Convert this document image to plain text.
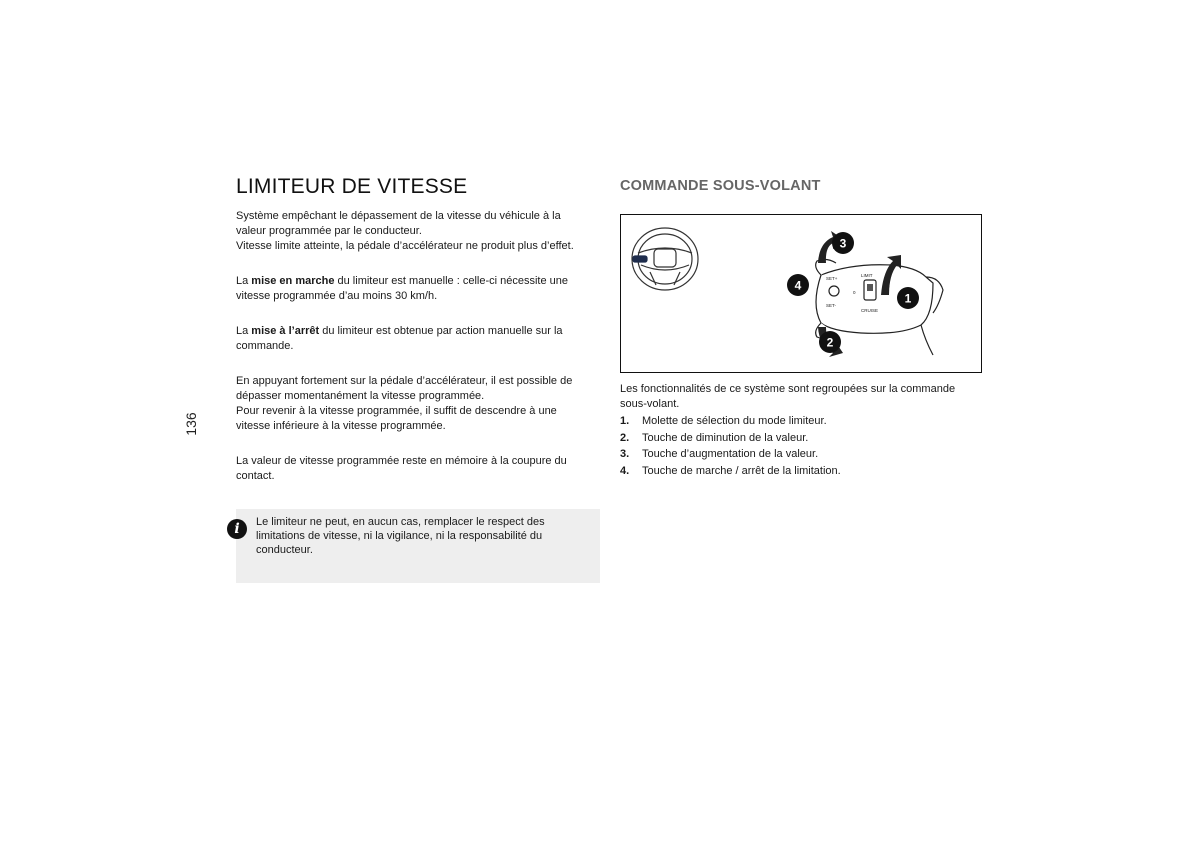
136
LIMITEUR DE VITESSE

Système empêchant le dépassement de la vitesse du véhicule à la valeur programmée par le conducteur.

Vitesse limite atteinte, la pédale d’accélérateur ne produit plus d’effet.

La mise en marche du limiteur est manuelle : celle-ci nécessite une vitesse programmée d’au moins 30 km/h.

La mise à l’arrêt du limiteur est obtenue par action manuelle sur la commande.

En appuyant fortement sur la pédale d’accélérateur, il est possible de dépasser momentanément la vitesse programmée.

Pour revenir à la vitesse programmée, il suffit de descendre à une vitesse inférieure à la vitesse programmée.

La valeur de vitesse programmée reste en mémoire à la coupure du contact.

i	Le limiteur ne peut, en aucun cas, remplacer le respect des limitations de vitesse, ni la vigilance, ni la responsabilité du conducteur.
COMMANDE SOUS-VOLANT
SET+
SET-
LIMIT
CRUISE
0	1
2
3
4

Les fonctionnalités de ce système sont regroupées sur la commande sous-volant.

1.	Molette de sélection du mode limiteur.
2.	Touche de diminution de la valeur.
3.	Touche d’augmentation de la valeur.
4.	Touche de marche / arrêt de la limitation.
